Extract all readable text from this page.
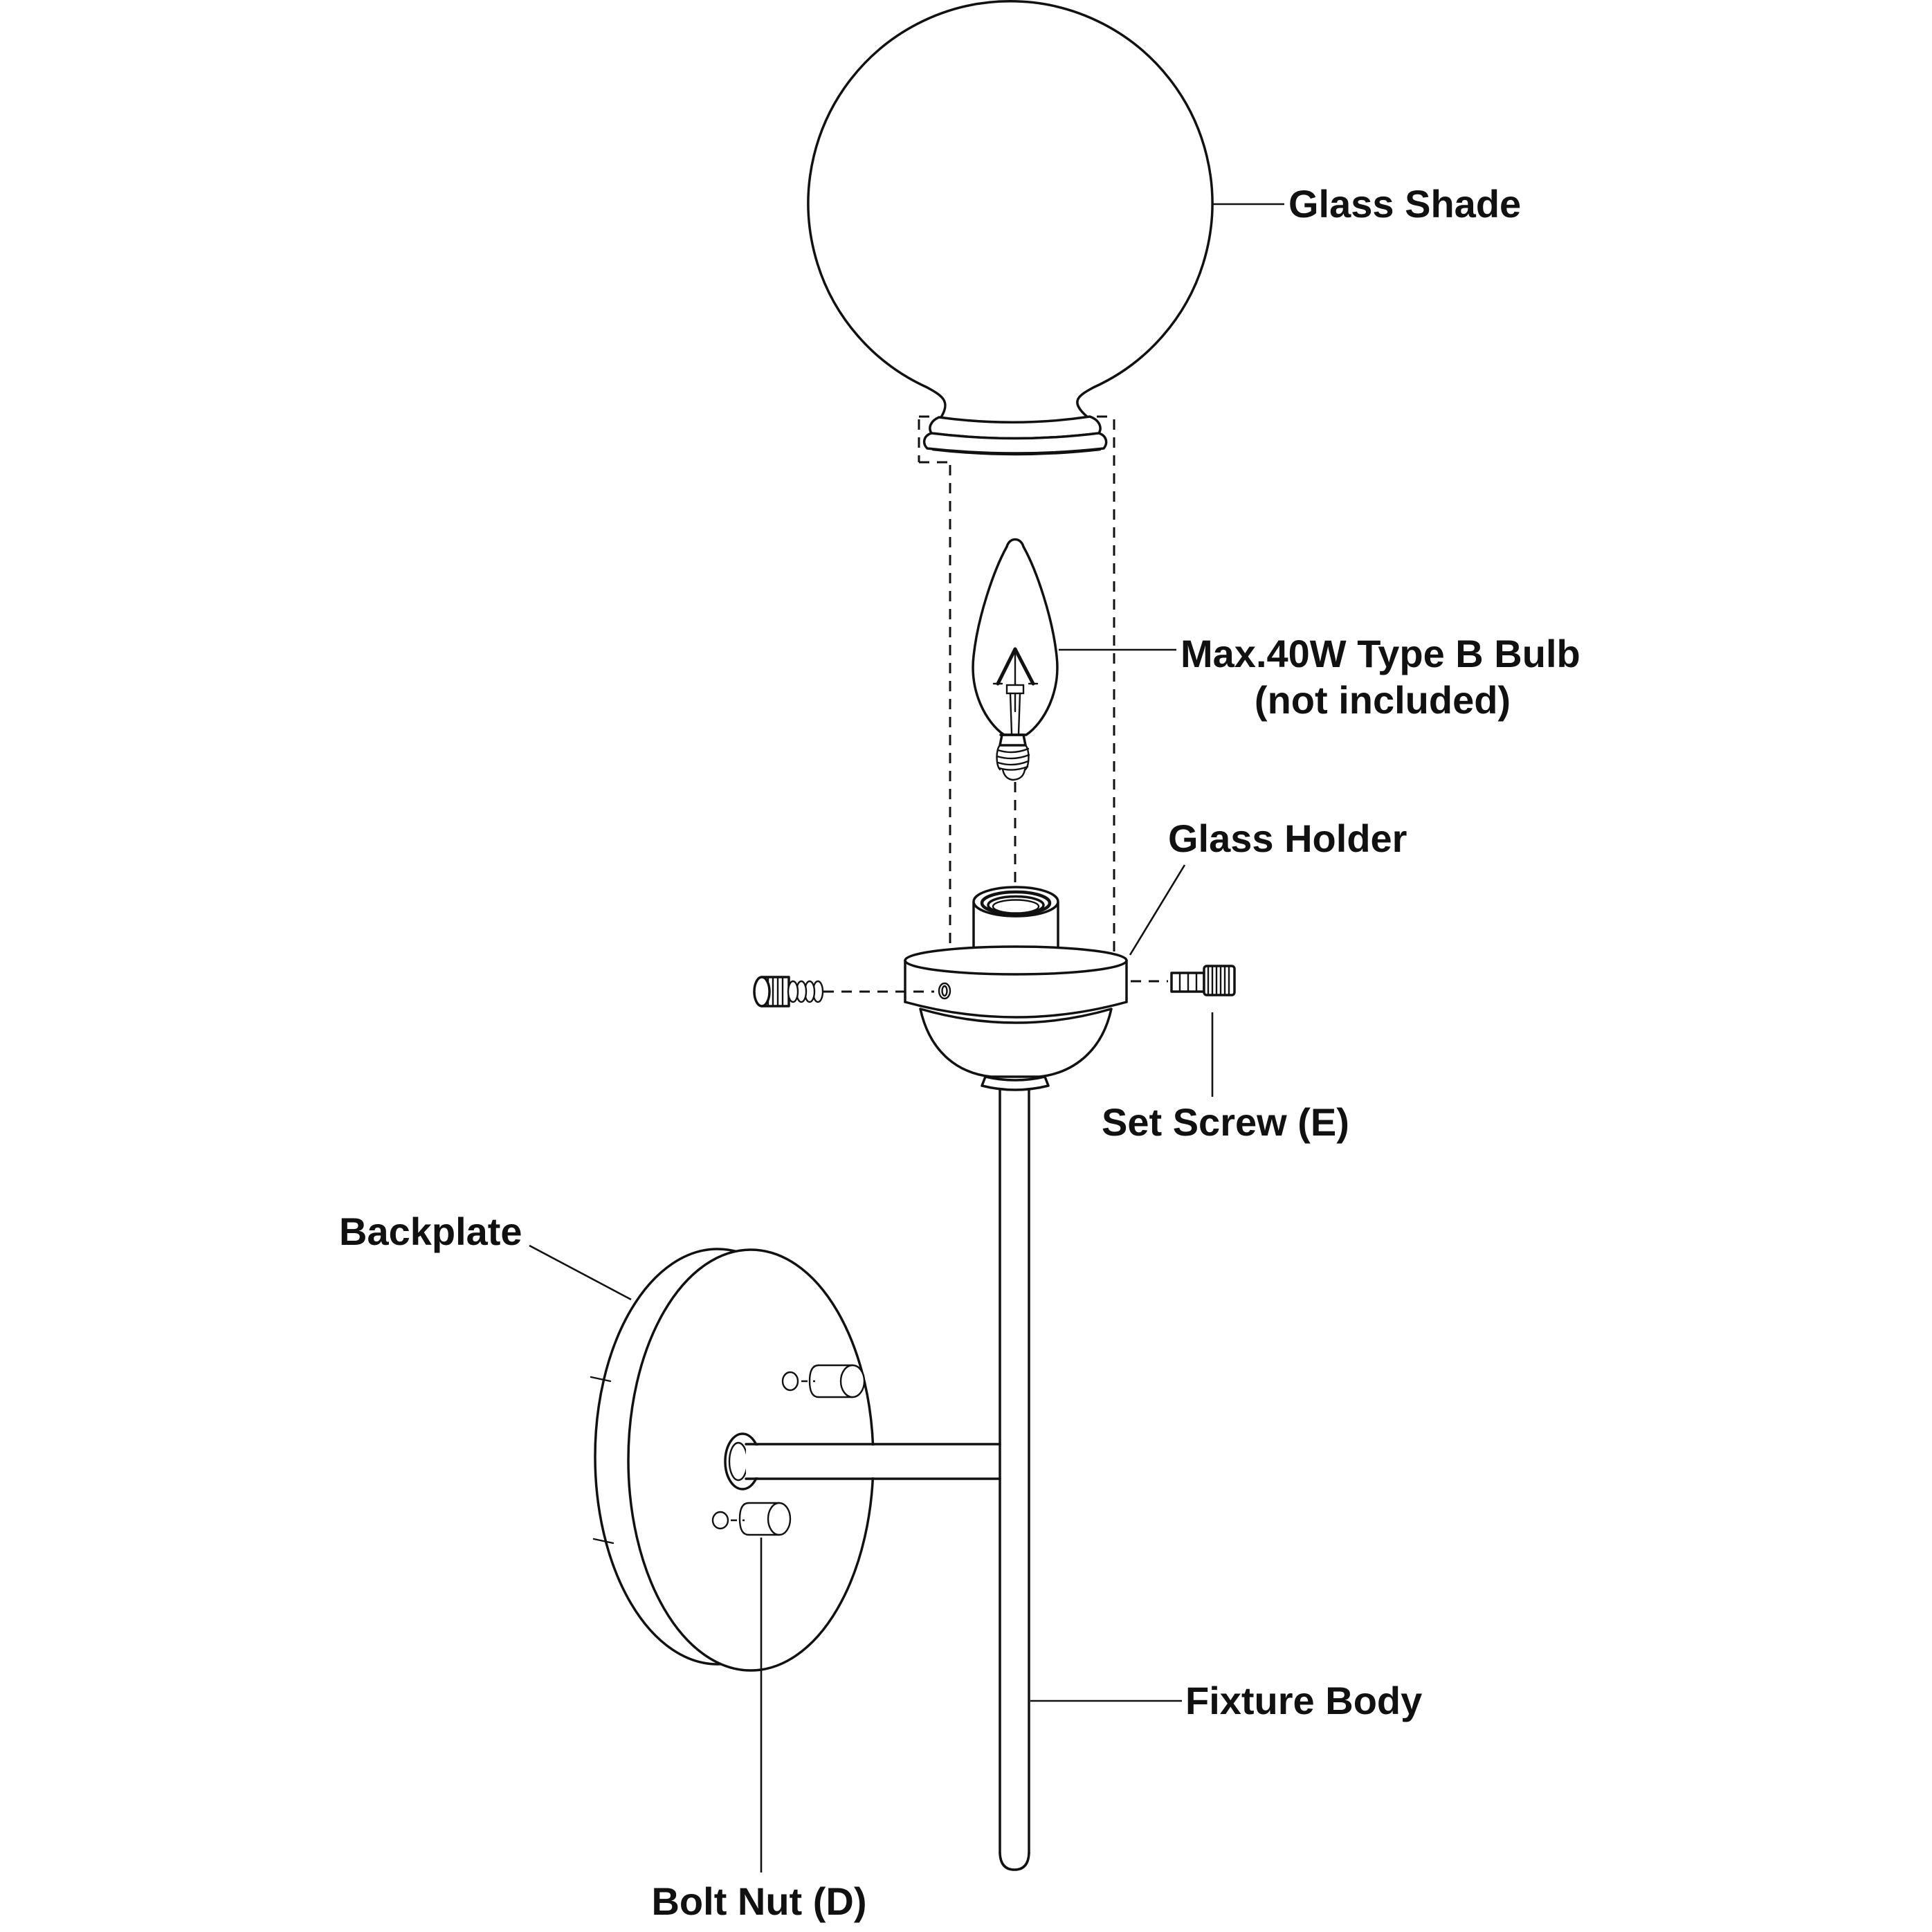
Glass Shade
Max.40W Type B Bulb
(not included)
Glass Holder
Set Screw (E)
Backplate
Fixture Body
Bolt Nut (D)
